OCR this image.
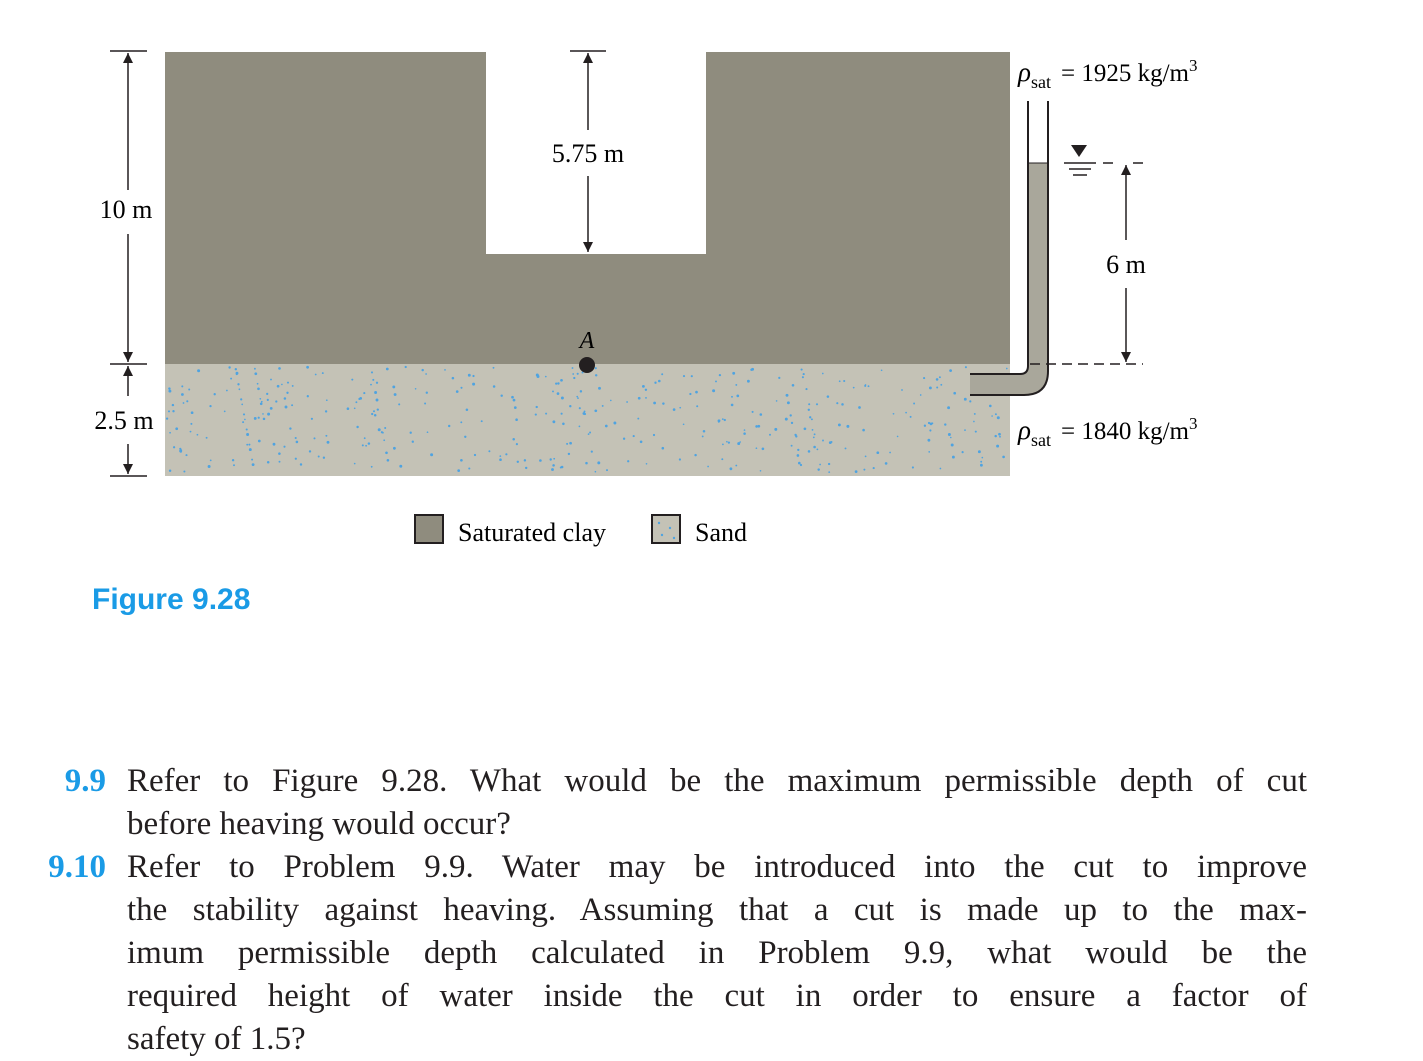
10 m
2.5 m
5.75 m
6 m
A
$\rho_{sat} = 1925$ $kg/m^3$
$\rho_{sat} = 1840$ $kg/m^3$
Saturated clay	Sand
Figure 9.28
9.9 Refer to Figure 9.28. What would be the maximum permissible depth of cut
before heaving would occur?
9.10 Refer to Problem 9.9. Water may be introduced into the cut to improve
the stability against heaving. Assuming that a cut is made up to the max-
imum permissible depth calculated in Problem 9.9, what would be the
required height of water inside the cut in order to ensure a factor of
safety of 1.5?
